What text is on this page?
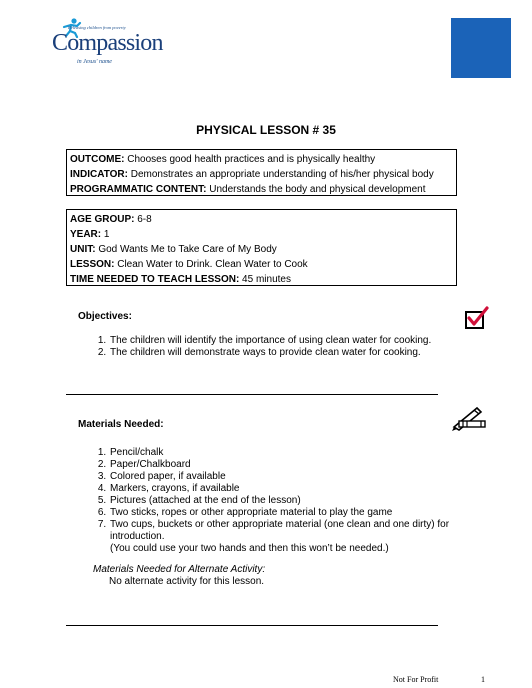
Releasing children from poverty
Compassion
in Jesus' name
PHYSICAL LESSON # 35
OUTCOME: Chooses good health practices and is physically healthy
INDICATOR: Demonstrates an appropriate understanding of his/her physical body
PROGRAMMATIC CONTENT: Understands the body and physical development
AGE GROUP: 6-8
YEAR: 1
UNIT: God Wants Me to Take Care of My Body
LESSON: Clean Water to Drink. Clean Water to Cook
TIME NEEDED TO TEACH LESSON: 45 minutes
Objectives:
1. The children will identify the importance of using clean water for cooking.
2. The children will demonstrate ways to provide clean water for cooking.
Materials Needed:
1. Pencil/chalk
2. Paper/Chalkboard
3. Colored paper, if available
4. Markers, crayons, if available
5. Pictures (attached at the end of the lesson)
6. Two sticks, ropes or other appropriate material to play the game
7. Two cups, buckets or other appropriate material (one clean and one dirty) for introduction.
(You could use your two hands and then this won’t be needed.)
Materials Needed for Alternate Activity:
No alternate activity for this lesson.
Not For Profit	1
